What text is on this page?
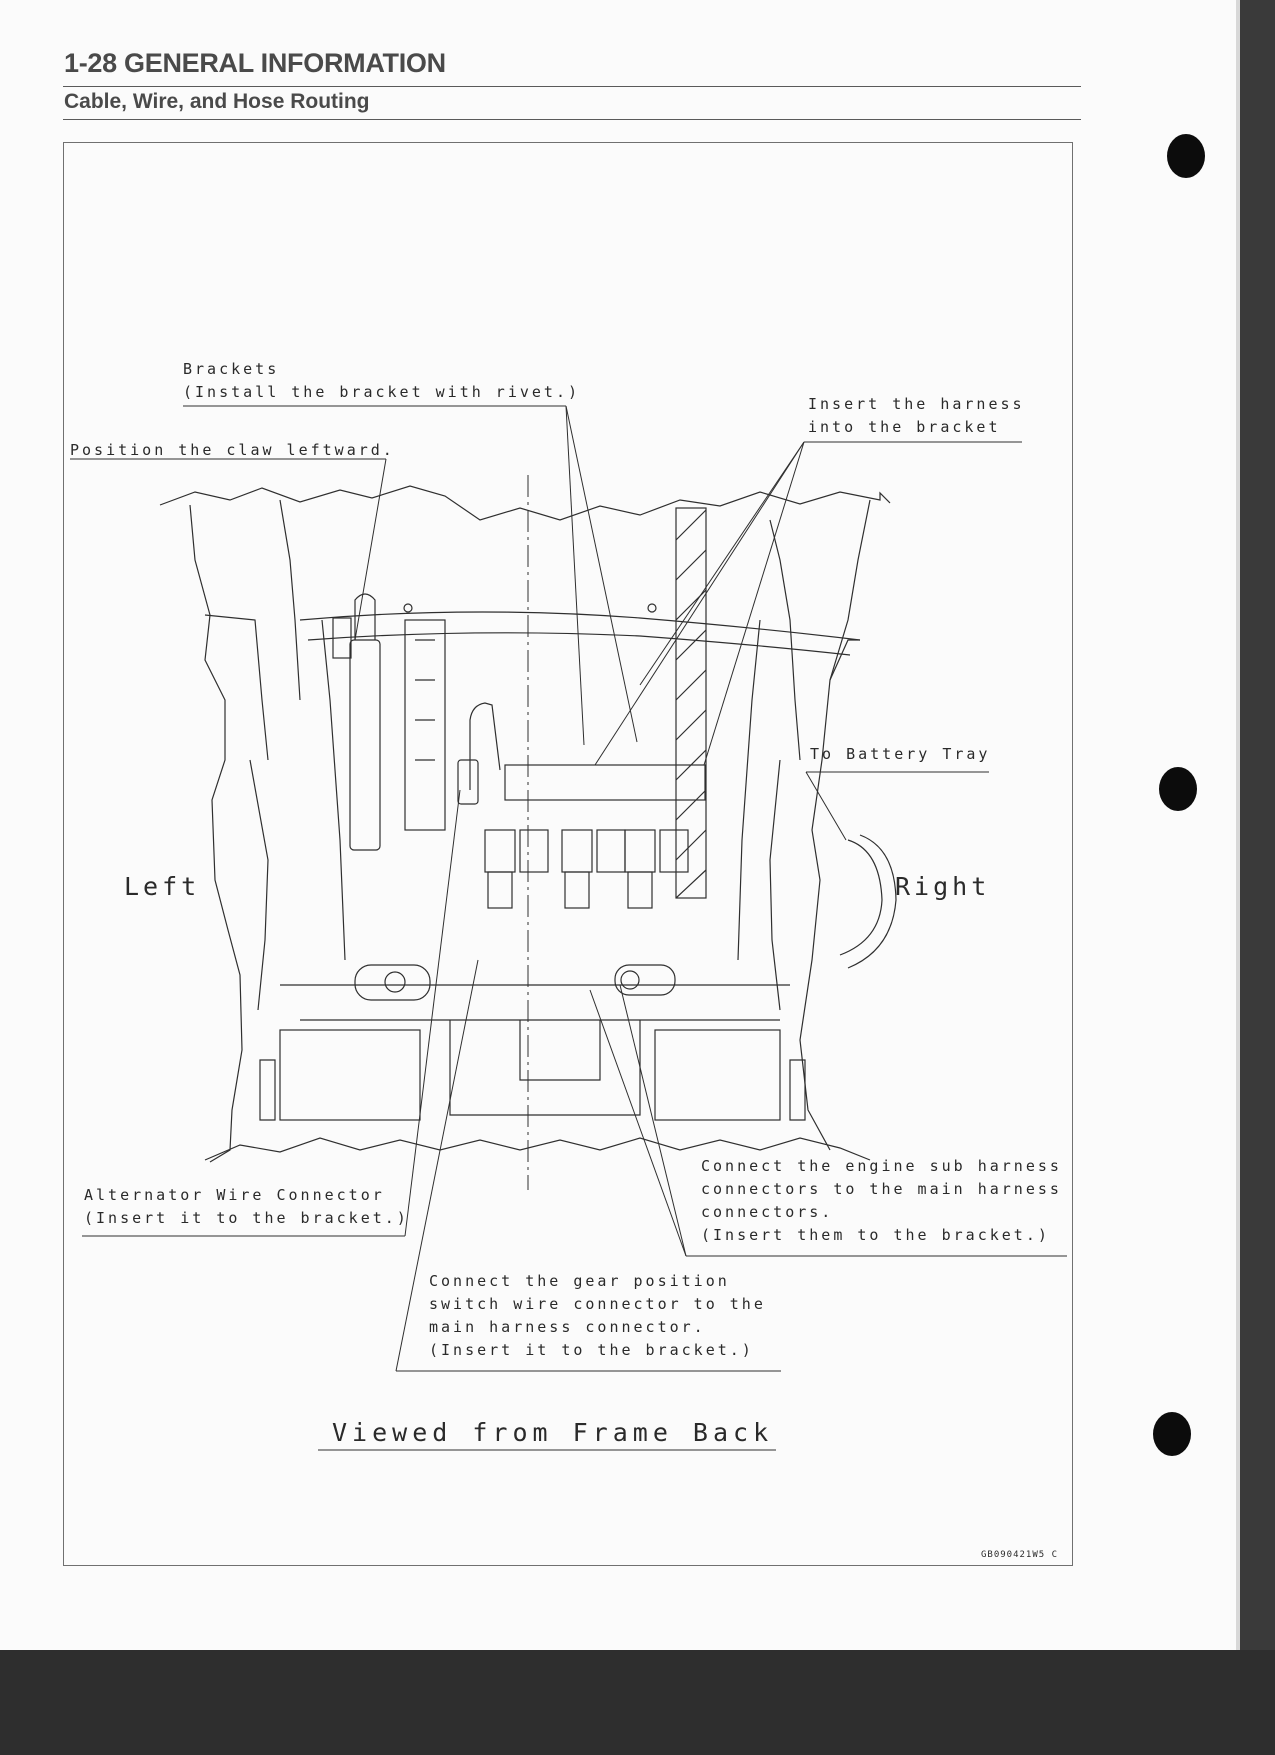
1-28 GENERAL INFORMATION
Cable, Wire, and Hose Routing
Brackets
(Install the bracket with rivet.)
Position the claw leftward.
Insert the harness
into the bracket
To Battery Tray
Left	Right
Alternator Wire Connector
(Insert it to the bracket.)
Connect the engine sub harness
connectors to the main harness
connectors.
(Insert them to the bracket.)
Connect the gear position
switch wire connector to the
main harness connector.
(Insert it to the bracket.)
Viewed from Frame Back
GB090421W5 C
